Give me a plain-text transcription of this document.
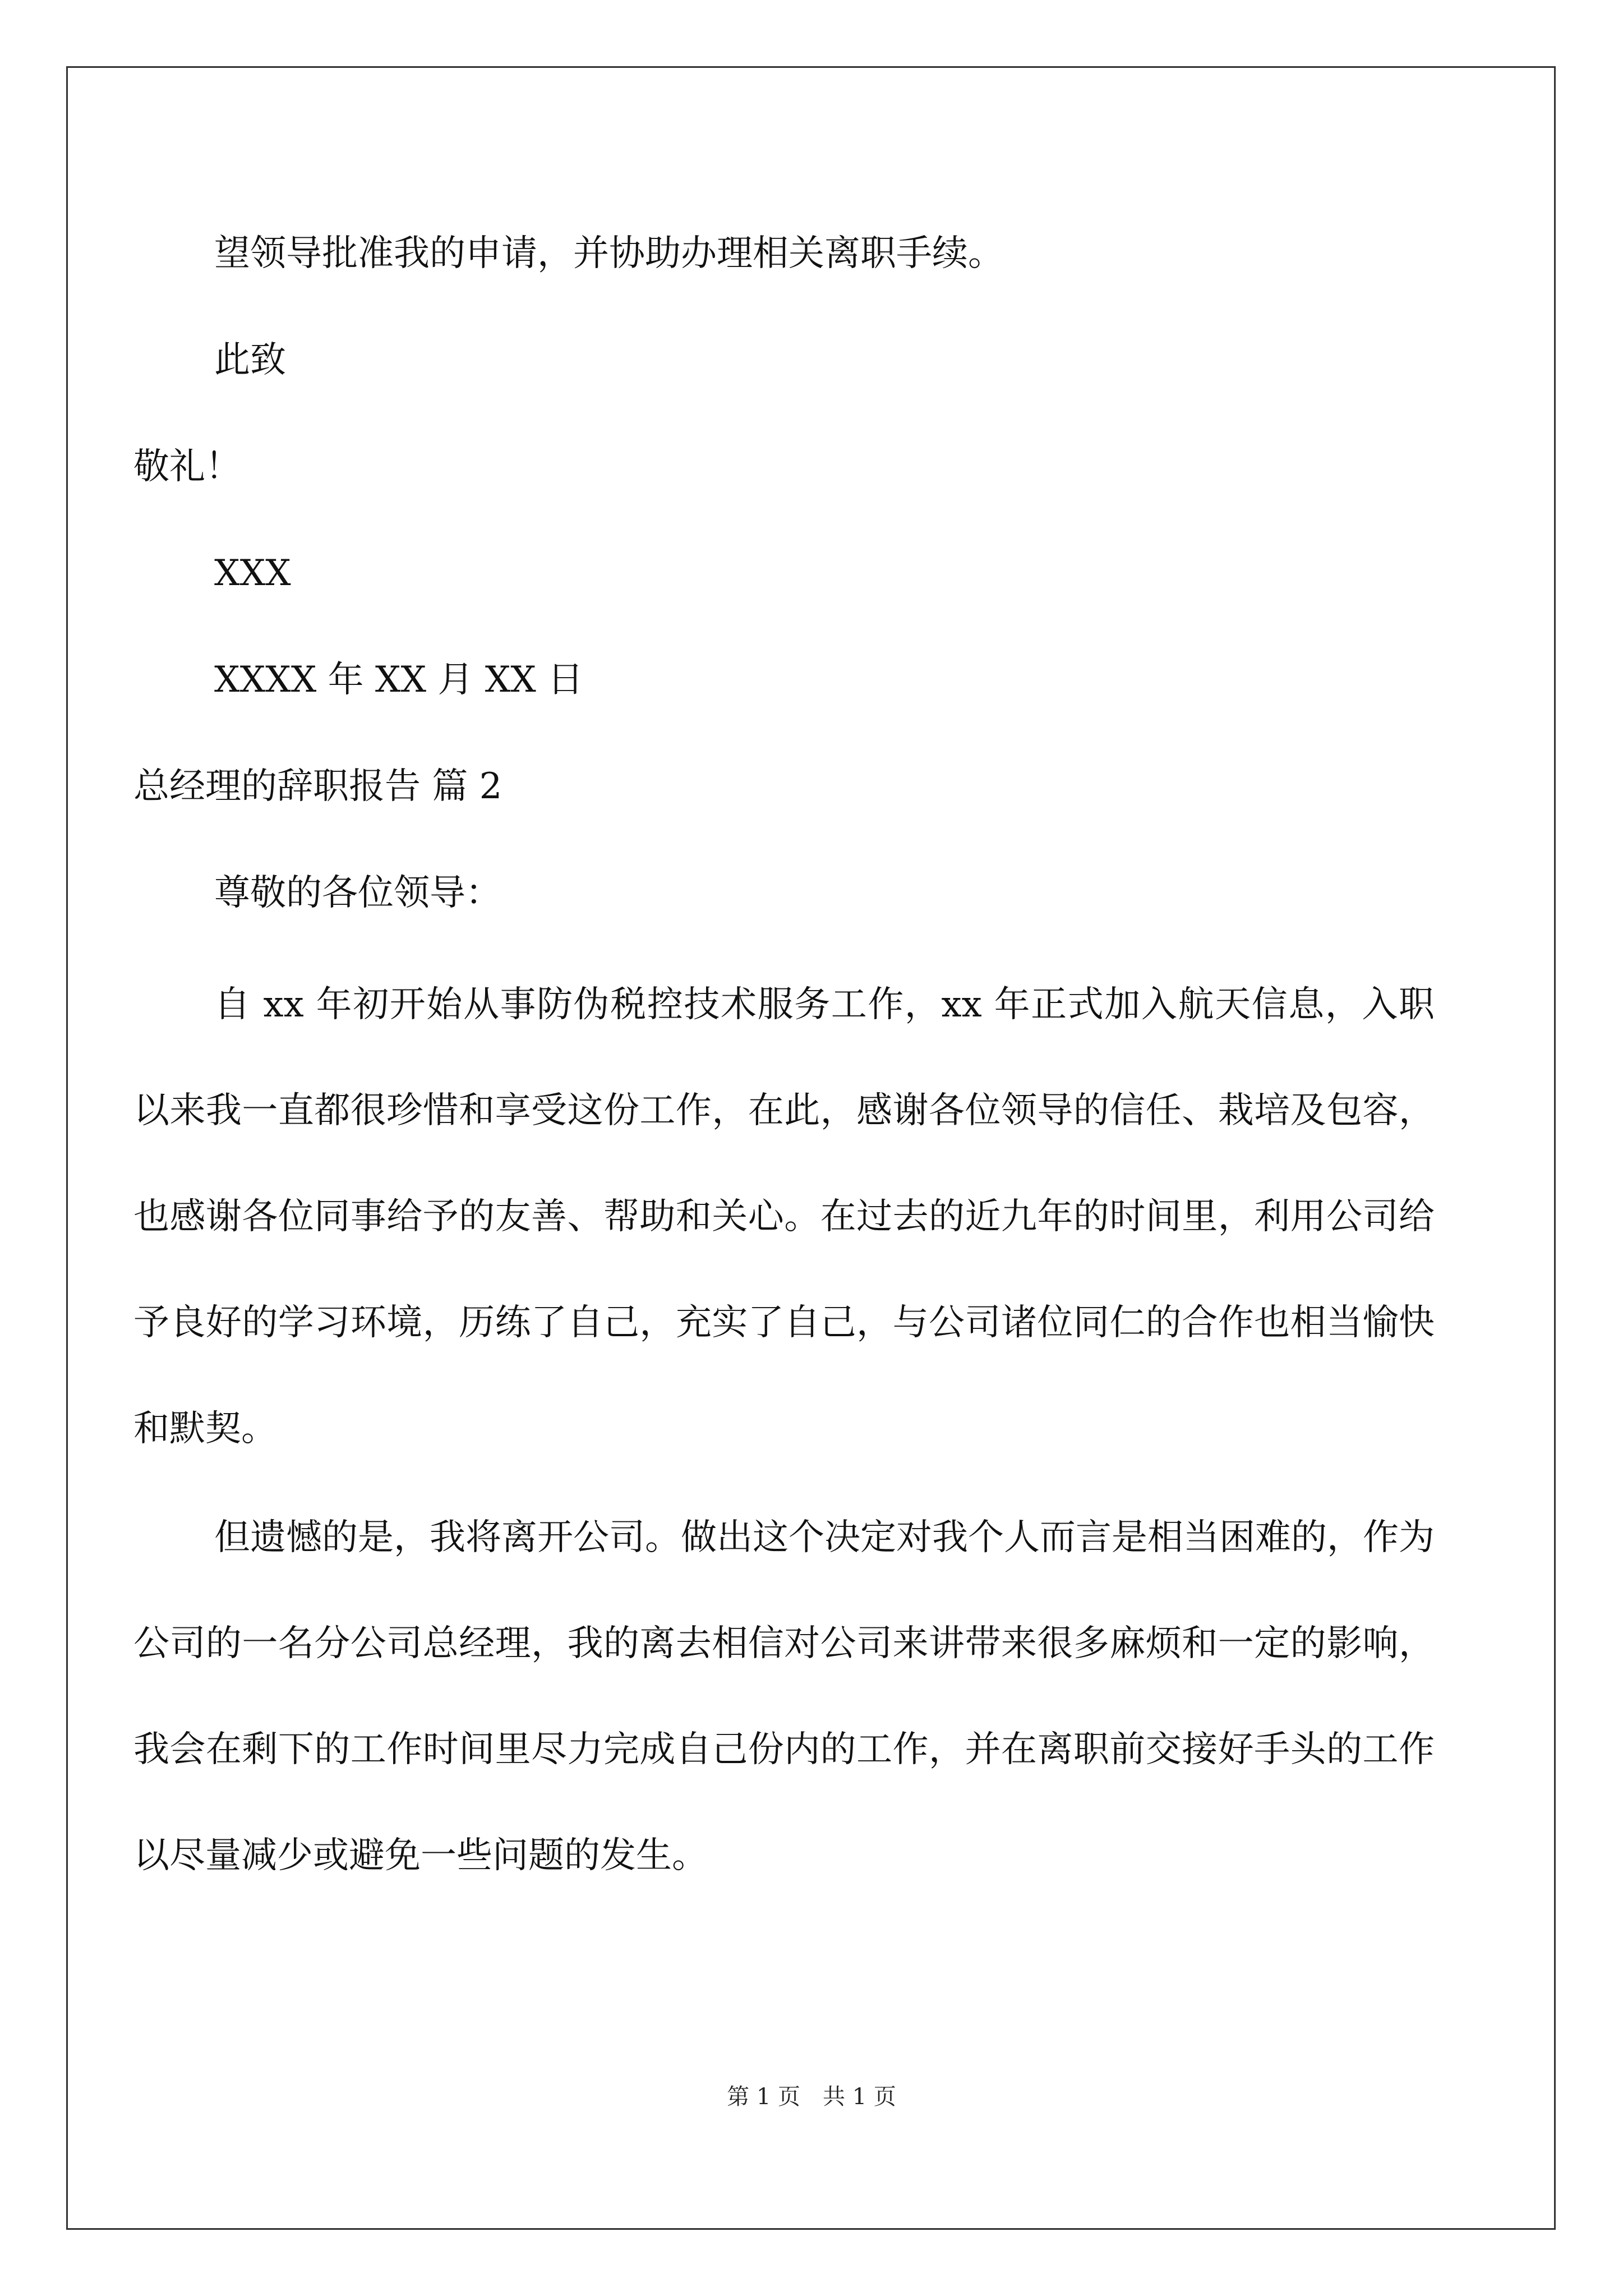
望领导批准我的申请，并协助办理相关离职手续。
此致
敬礼！
XXX
XXXX 年 XX 月 XX 日
总经理的辞职报告 篇 2
尊敬的各位领导：
自 xx 年初开始从事防伪税控技术服务工作，xx 年正式加入航天信息，入职以来我一直都很珍惜和享受这份工作，在此，感谢各位领导的信任、栽培及包容，也感谢各位同事给予的友善、帮助和关心。在过去的近九年的时间里，利用公司给予良好的学习环境，历练了自己，充实了自己，与公司诸位同仁的合作也相当愉快和默契。
但遗憾的是，我将离开公司。做出这个决定对我个人而言是相当困难的，作为公司的一名分公司总经理，我的离去相信对公司来讲带来很多麻烦和一定的影响，我会在剩下的工作时间里尽力完成自己份内的工作，并在离职前交接好手头的工作以尽量减少或避免一些问题的发生。
第 1 页　共 1 页
